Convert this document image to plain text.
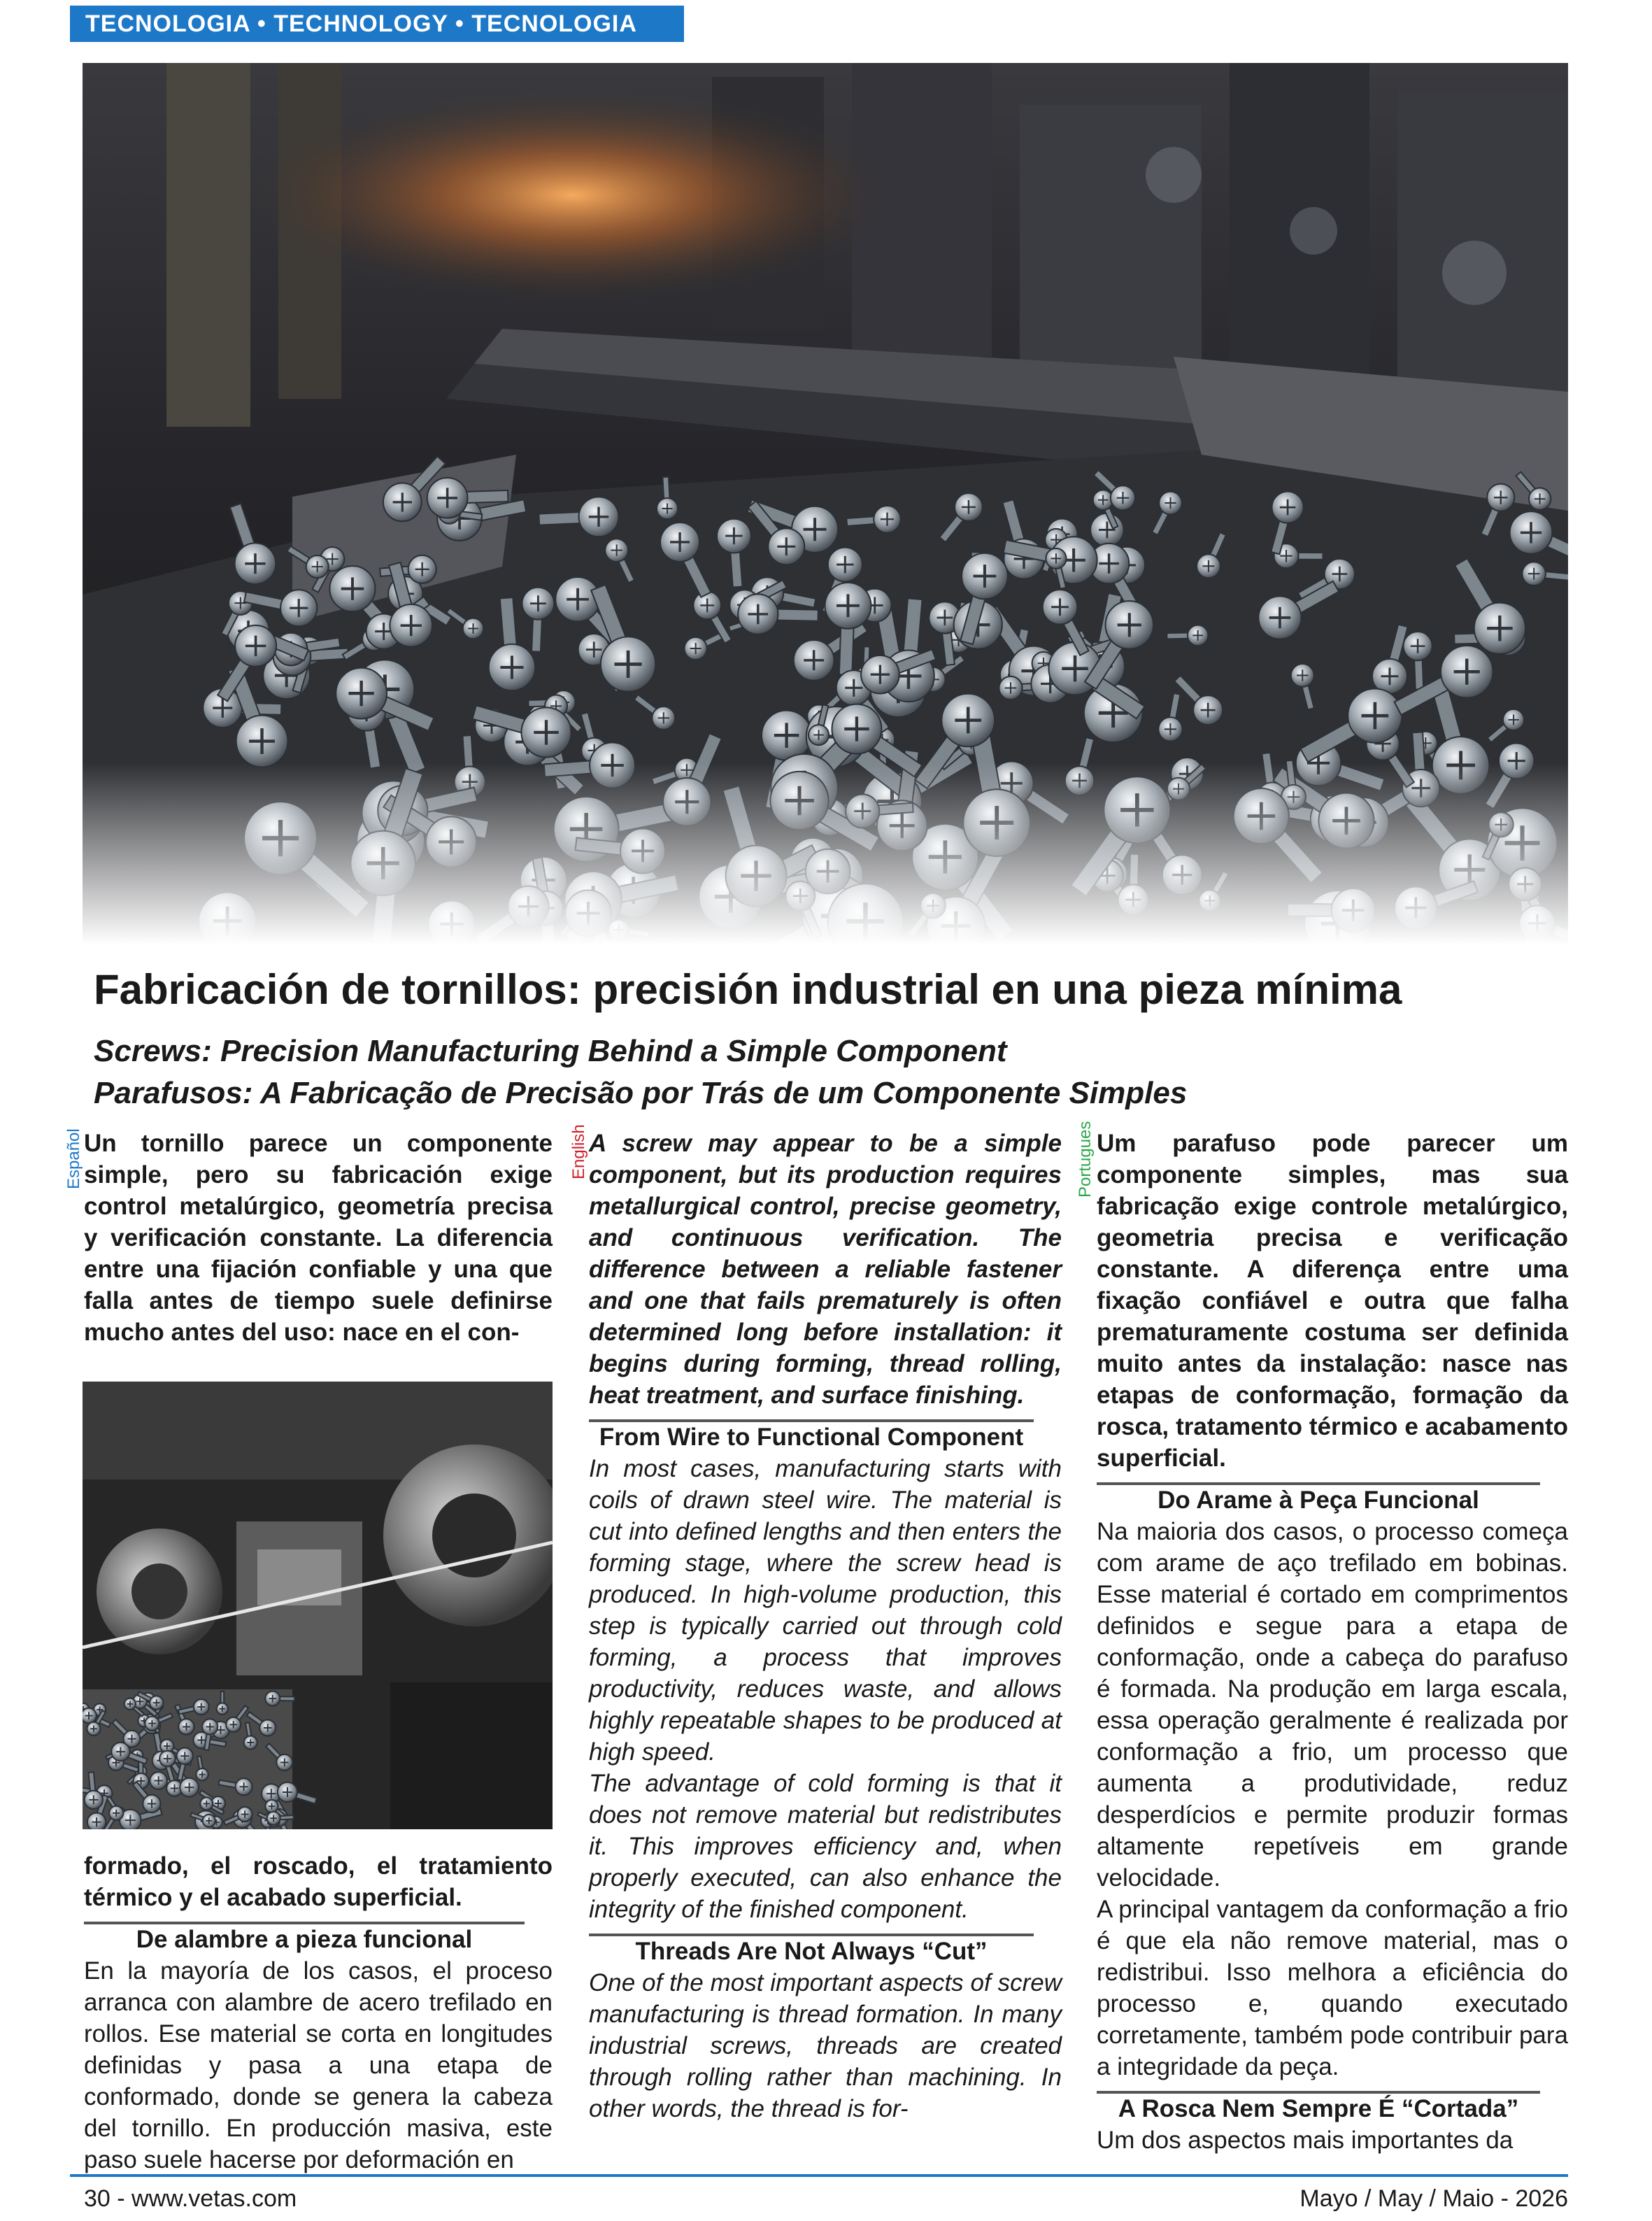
TECNOLOGIA • TECHNOLOGY • TECNOLOGIA
Fabricación de tornillos: precisión industrial en una pieza mínima
Screws: Precision Manufacturing Behind a Simple Component
Parafusos: A Fabricação de Precisão por Trás de um Componente Simples
Español	English	Portugues

Un tornillo parece un componente simple, pero su fabricación exige control metalúrgico, geometría precisa y verificación constante. La diferencia entre una fijación confiable y una que falla antes de tiempo suele definirse mucho antes del uso: nace en el con-

formado, el roscado, el tratamiento térmico y el acabado superficial.

De alambre a pieza funcional

En la mayoría de los casos, el proceso arranca con alambre de acero trefilado en rollos. Ese material se corta en longitudes definidas y pasa a una etapa de conformado, donde se genera la cabeza del tornillo. En producción masiva, este paso suele hacerse por deformación en

A screw may appear to be a simple component, but its production requires metallurgical control, precise geometry, and continuous verification. The difference between a reliable fastener and one that fails prematurely is often determined long before installation: it begins during forming, thread rolling, heat treatment, and surface finishing.

From Wire to Functional Component

In most cases, manufacturing starts with coils of drawn steel wire. The material is cut into defined lengths and then enters the forming stage, where the screw head is produced. In high-volume production, this step is typically carried out through cold forming, a process that improves productivity, reduces waste, and allows highly repeatable shapes to be produced at high speed.

The advantage of cold forming is that it does not remove material but redistributes it. This improves efficiency and, when properly executed, can also enhance the integrity of the finished component.

Threads Are Not Always “Cut”

One of the most important aspects of screw manufacturing is thread formation. In many industrial screws, threads are created through rolling rather than machining. In other words, the thread is for-

Um parafuso pode parecer um componente simples, mas sua fabricação exige controle metalúrgico, geometria precisa e verificação constante. A diferença entre uma fixação confiável e outra que falha prematuramente costuma ser definida muito antes da instalação: nasce nas etapas de conformação, formação da rosca, tratamento térmico e acabamento superficial.

Do Arame à Peça Funcional

Na maioria dos casos, o processo começa com arame de aço trefilado em bobinas. Esse material é cortado em comprimentos definidos e segue para a etapa de conformação, onde a cabeça do parafuso é formada. Na produção em larga escala, essa operação geralmente é realizada por conformação a frio, um processo que aumenta a produtividade, reduz desperdícios e permite produzir formas altamente repetíveis em grande velocidade.

A principal vantagem da conformação a frio é que ela não remove material, mas o redistribui. Isso melhora a eficiência do processo e, quando executado corretamente, também pode contribuir para a integridade da peça.

A Rosca Nem Sempre É “Cortada”

Um dos aspectos mais importantes da

30 - www.vetas.com	Mayo / May / Maio - 2026
